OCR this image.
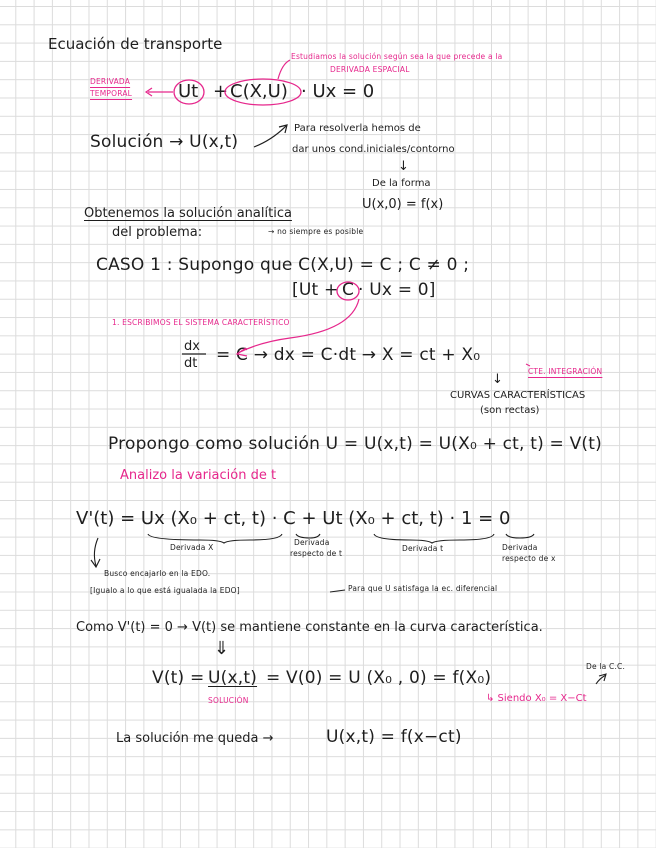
Ecuación de transporte
Estudiamos la solución según sea la que precede a la
DERIVADA ESPACIAL
DERIVADA
TEMPORAL	Ut + C(X,U) · Ux = 0
Solución → U(x,t)
Para resolverla hemos de
dar unos cond.iniciales/contorno
↓
De la forma
U(x,0) = f(x)
Obtenemos la solución analítica
del problema:	→ no siempre es posible
CASO 1 : Supongo que C(X,U) = C ; C ≠ 0 ;
[Ut + C · Ux = 0]
1. ESCRIBIMOS EL SISTEMA CARACTERÍSTICO
dx
dt = C → dx = C·dt → X = ct + X₀
CTE. INTEGRACIÓN
↓
CURVAS CARACTERÍSTICAS
(son rectas)
Propongo como solución U = U(x,t) = U(X₀ + ct, t) = V(t)
Analizo la variación de t
V'(t) = Ux (X₀ + ct, t) · C + Ut (X₀ + ct, t) · 1 = 0
Derivada X
Derivada
respecto de t
Derivada t	Derivada
respecto de x
Busco encajarlo en la EDO.
[Igualo a lo que está igualada la EDO]	Para que U satisfaga la ec. diferencial
Como V'(t) = 0 → V(t) se mantiene constante en la curva característica.
⇓
De la C.C.
V(t) = U(x,t) = V(0) = U (X₀ , 0) = f(X₀)
SOLUCIÓN	↳ Siendo X₀ = X−Ct
La solución me queda →	U(x,t) = f(x−ct)
